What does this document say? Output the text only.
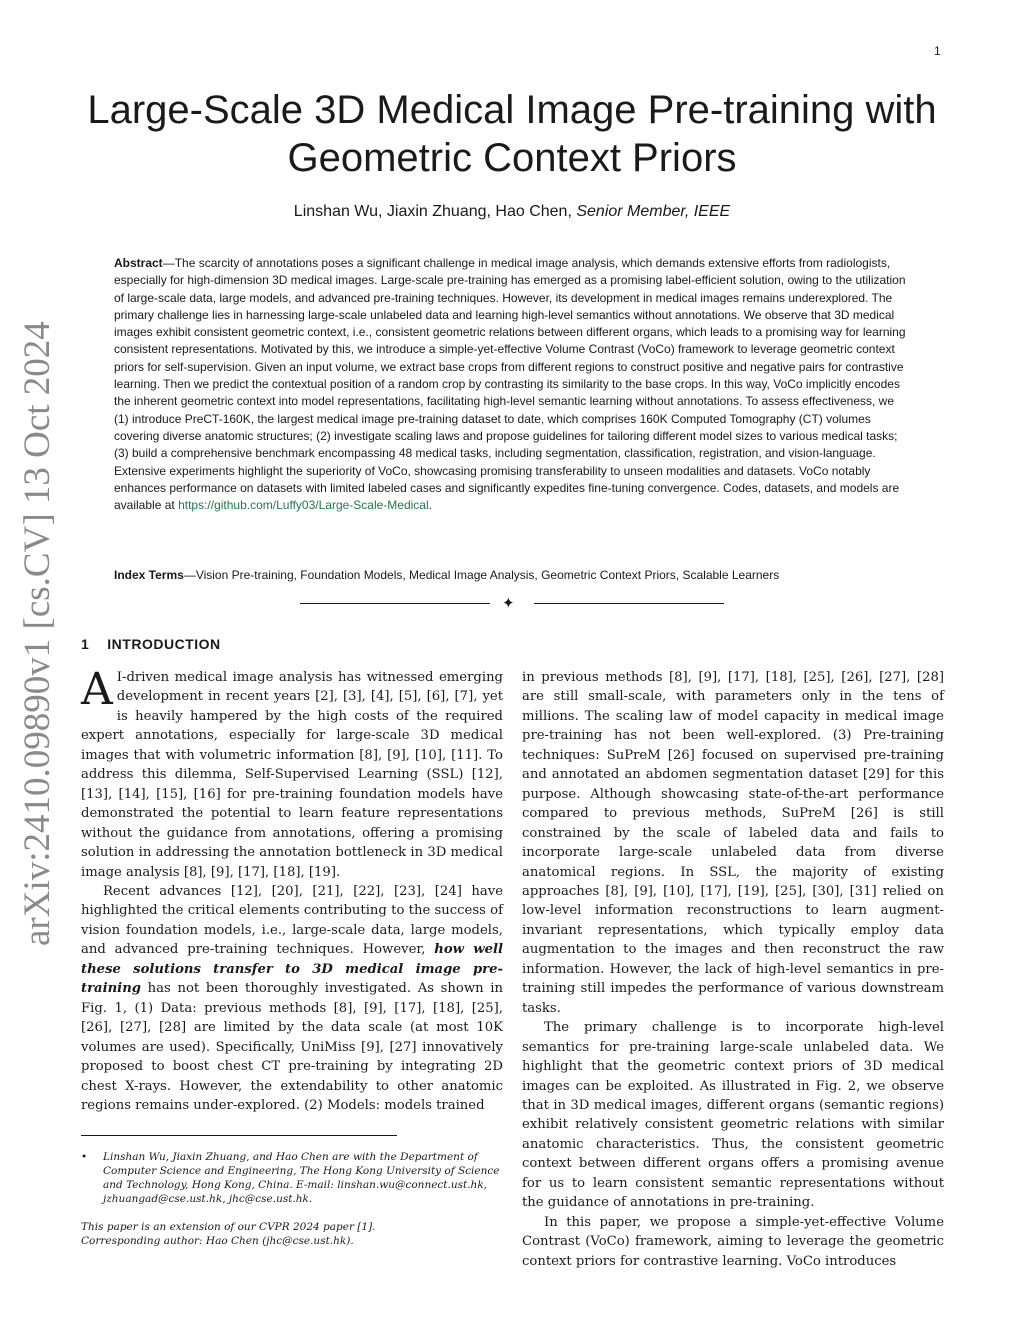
1
arXiv:2410.09890v1 [cs.CV] 13 Oct 2024
Large-Scale 3D Medical Image Pre-training with Geometric Context Priors
Linshan Wu, Jiaxin Zhuang, Hao Chen, Senior Member, IEEE

Abstract—The scarcity of annotations poses a significant challenge in medical image analysis, which demands extensive efforts from radiologists, especially for high-dimension 3D medical images. Large-scale pre-training has emerged as a promising label-efficient solution, owing to the utilization of large-scale data, large models, and advanced pre-training techniques. However, its development in medical images remains underexplored. The primary challenge lies in harnessing large-scale unlabeled data and learning high-level semantics without annotations. We observe that 3D medical images exhibit consistent geometric context, i.e., consistent geometric relations between different organs, which leads to a promising way for learning consistent representations. Motivated by this, we introduce a simple-yet-effective Volume Contrast (VoCo) framework to leverage geometric context priors for self-supervision. Given an input volume, we extract base crops from different regions to construct positive and negative pairs for contrastive learning. Then we predict the contextual position of a random crop by contrasting its similarity to the base crops. In this way, VoCo implicitly encodes the inherent geometric context into model representations, facilitating high-level semantic learning without annotations. To assess effectiveness, we (1) introduce PreCT-160K, the largest medical image pre-training dataset to date, which comprises 160K Computed Tomography (CT) volumes covering diverse anatomic structures; (2) investigate scaling laws and propose guidelines for tailoring different model sizes to various medical tasks; (3) build a comprehensive benchmark encompassing 48 medical tasks, including segmentation, classification, registration, and vision-language. Extensive experiments highlight the superiority of VoCo, showcasing promising transferability to unseen modalities and datasets. VoCo notably enhances performance on datasets with limited labeled cases and significantly expedites fine-tuning convergence. Codes, datasets, and models are available at https://github.com/Luffy03/Large-Scale-Medical.

Index Terms—Vision Pre-training, Foundation Models, Medical Image Analysis, Geometric Context Priors, Scalable Learners

✦
1 INTRODUCTION

A I-driven medical image analysis has witnessed emerging development in recent years [2], [3], [4], [5], [6], [7], yet is heavily hampered by the high costs of the required expert annotations, especially for large-scale 3D medical images that with volumetric information [8], [9], [10], [11]. To address this dilemma, Self-Supervised Learning (SSL) [12], [13], [14], [15], [16] for pre-training foundation models have demonstrated the potential to learn feature representations without the guidance from annotations, offering a promising solution in addressing the annotation bottleneck in 3D medical image analysis [8], [9], [17], [18], [19].

Recent advances [12], [20], [21], [22], [23], [24] have highlighted the critical elements contributing to the success of vision foundation models, i.e., large-scale data, large models, and advanced pre-training techniques. However, how well these solutions transfer to 3D medical image pre-training has not been thoroughly investigated. As shown in Fig. 1, (1) Data: previous methods [8], [9], [17], [18], [25], [26], [27], [28] are limited by the data scale (at most 10K volumes are used). Specifically, UniMiss [9], [27] innovatively proposed to boost chest CT pre-training by integrating 2D chest X-rays. However, the extendability to other anatomic regions remains under-explored. (2) Models: models trained

in previous methods [8], [9], [17], [18], [25], [26], [27], [28] are still small-scale, with parameters only in the tens of millions. The scaling law of model capacity in medical image pre-training has not been well-explored. (3) Pre-training techniques: SuPreM [26] focused on supervised pre-training and annotated an abdomen segmentation dataset [29] for this purpose. Although showcasing state-of-the-art performance compared to previous methods, SuPreM [26] is still constrained by the scale of labeled data and fails to incorporate large-scale unlabeled data from diverse anatomical regions. In SSL, the majority of existing approaches [8], [9], [10], [17], [19], [25], [30], [31] relied on low-level information reconstructions to learn augment-invariant representations, which typically employ data augmentation to the images and then reconstruct the raw information. However, the lack of high-level semantics in pre-training still impedes the performance of various downstream tasks.

The primary challenge is to incorporate high-level semantics for pre-training large-scale unlabeled data. We highlight that the geometric context priors of 3D medical images can be exploited. As illustrated in Fig. 2, we observe that in 3D medical images, different organs (semantic regions) exhibit relatively consistent geometric relations with similar anatomic characteristics. Thus, the consistent geometric context between different organs offers a promising avenue for us to learn consistent semantic representations without the guidance of annotations in pre-training.

In this paper, we propose a simple-yet-effective Volume Contrast (VoCo) framework, aiming to leverage the geometric context priors for contrastive learning. VoCo introduces

• Linshan Wu, Jiaxin Zhuang, and Hao Chen are with the Department of Computer Science and Engineering, The Hong Kong University of Science and Technology, Hong Kong, China. E-mail: linshan.wu@connect.ust.hk, jzhuangad@cse.ust.hk, jhc@cse.ust.hk.

This paper is an extension of our CVPR 2024 paper [1].
Corresponding author: Hao Chen (jhc@cse.ust.hk).
